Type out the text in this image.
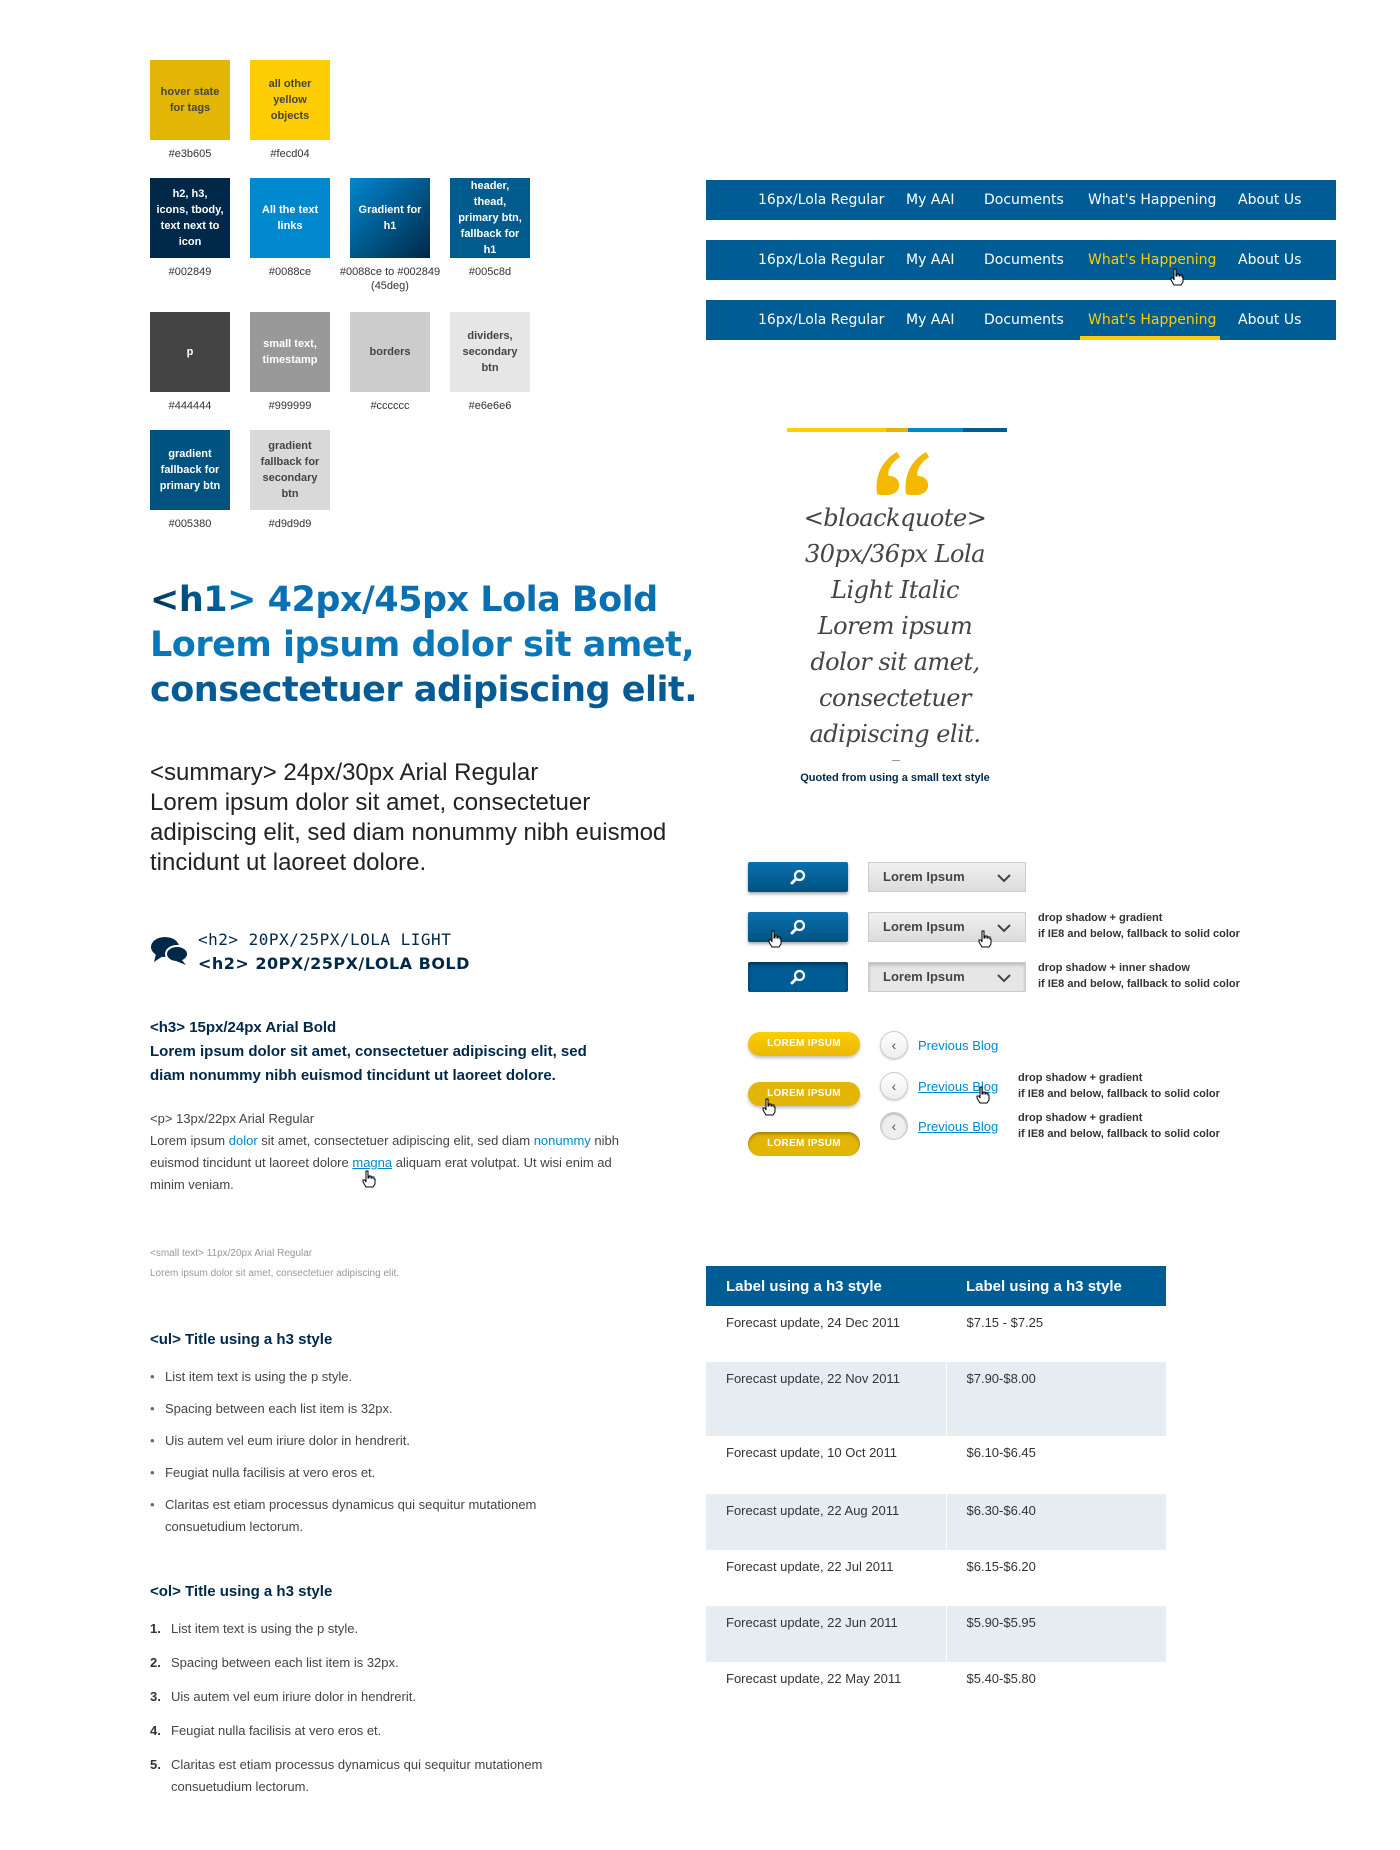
hover state for tags
#e3b605
all other yellow objects
#fecd04
h2, h3, icons, tbody, text next to icon
#002849
All the text links
#0088ce
Gradient for h1
#0088ce to #002849 (45deg)
header, thead, primary btn, fallback for h1
#005c8d
p
#444444
small text, timestamp
#999999
borders
#cccccc
dividers, secondary btn
#e6e6e6
gradient fallback for primary btn
#005380
gradient fallback for secondary btn
#d9d9d9
<h1> 42px/45px Lola Bold
Lorem ipsum dolor sit amet,
consectetuer adipiscing elit.
<summary> 24px/30px Arial Regular
Lorem ipsum dolor sit amet, consectetuer adipiscing elit, sed diam nonummy nibh euismod tincidunt ut laoreet dolore.
<h2> 20PX/25PX/LOLA LIGHT
<h2> 20PX/25PX/LOLA BOLD
<h3> 15px/24px Arial Bold
Lorem ipsum dolor sit amet, consectetuer adipiscing elit, sed diam nonummy nibh euismod tincidunt ut laoreet dolore.
<p> 13px/22px Arial Regular
Lorem ipsum dolor sit amet, consectetuer adipiscing elit, sed diam nonummy nibh euismod tincidunt ut laoreet dolore magna aliquam erat volutpat. Ut wisi enim ad minim veniam.
<small text> 11px/20px Arial Regular
Lorem ipsum dolor sit amet, consectetuer adipiscing elit.
<ul> Title using a h3 style
• List item text is using the p style.
• Spacing between each list item is 32px.
• Uis autem vel eum iriure dolor in hendrerit.
• Feugiat nulla facilisis at vero eros et.
• Claritas est etiam processus dynamicus qui sequitur mutationem consuetudium lectorum.
<ol> Title using a h3 style
1. List item text is using the p style.
2. Spacing between each list item is 32px.
3. Uis autem vel eum iriure dolor in hendrerit.
4. Feugiat nulla facilisis at vero eros et.
5. Claritas est etiam processus dynamicus qui sequitur mutationem consuetudium lectorum.
16px/Lola Regular My AAI Documents What's Happening About Us
16px/Lola Regular My AAI Documents What's Happening About Us
16px/Lola Regular My AAI Documents What's Happening About Us
<bloackquote> 30px/36px Lola Light Italic Lorem ipsum dolor sit amet, consectetuer adipiscing elit.
Quoted from using a small text style
Lorem Ipsum
Lorem Ipsum
drop shadow + gradient
if IE8 and below, fallback to solid color
Lorem Ipsum
drop shadow + inner shadow
if IE8 and below, fallback to solid color
LOREM IPSUM
LOREM IPSUM
LOREM IPSUM
‹	Previous Blog
‹	Previous Blog
drop shadow + gradient
if IE8 and below, fallback to solid color
‹	Previous Blog
drop shadow + gradient
if IE8 and below, fallback to solid color
Label using a h3 style	Label using a h3 style
Forecast update, 24 Dec 2011	$7.15 - $7.25
Forecast update, 22 Nov 2011	$7.90-$8.00
Forecast update, 10 Oct 2011	$6.10-$6.45
Forecast update, 22 Aug 2011	$6.30-$6.40
Forecast update, 22 Jul 2011	$6.15-$6.20
Forecast update, 22 Jun 2011	$5.90-$5.95
Forecast update, 22 May 2011	$5.40-$5.80
